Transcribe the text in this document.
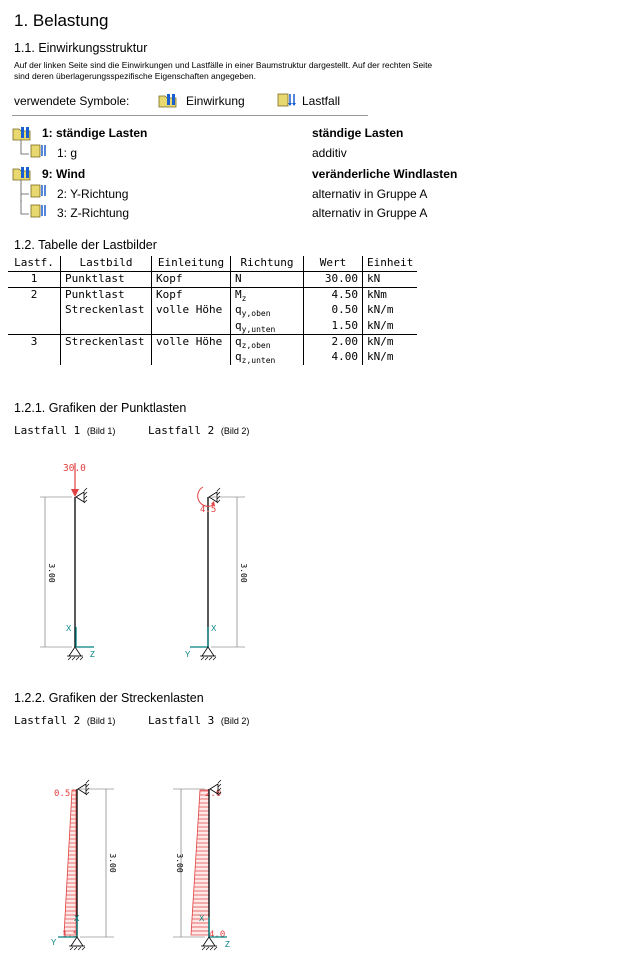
1. Belastung
1.1. Einwirkungsstruktur
Auf der linken Seite sind die Einwirkungen und Lastfälle in einer Baumstruktur dargestellt. Auf der rechten Seite
sind deren überlagerungsspezifische Eigenschaften angegeben.
verwendete Symbole:	Einwirkung	Lastfall
1: ständige Lasten	ständige Lasten
1: g	additiv
9: Wind	veränderliche Windlasten
2: Y-Richtung	alternativ in Gruppe A
3: Z-Richtung	alternativ in Gruppe A
1.2. Tabelle der Lastbilder
Lastf.	Lastbild	Einleitung	Richtung	Wert	Einheit
1	Punktlast	Kopf	N	30.00	kN
2	Punktlast	Kopf	$M_z$	4.50	kNm
	Streckenlast	volle Höhe	$q_{y,oben}$	0.50	kN/m
			$q_{y,unten}$	1.50	kN/m
3	Streckenlast	volle Höhe	$q_{z,oben}$	2.00	kN/m
			$q_{z,unten}$	4.00	kN/m
1.2.1. Grafiken der Punktlasten
Lastfall 1 (Bild 1)	Lastfall 2 (Bild 2)
30.0
3.00
X
Z
4.5
3.00
X
Y
1.2.2. Grafiken der Streckenlasten
Lastfall 2 (Bild 1)	Lastfall 3 (Bild 2)
0.5
1.5
3.00
X
Y
2.0
4.0
3.00
X
Z
